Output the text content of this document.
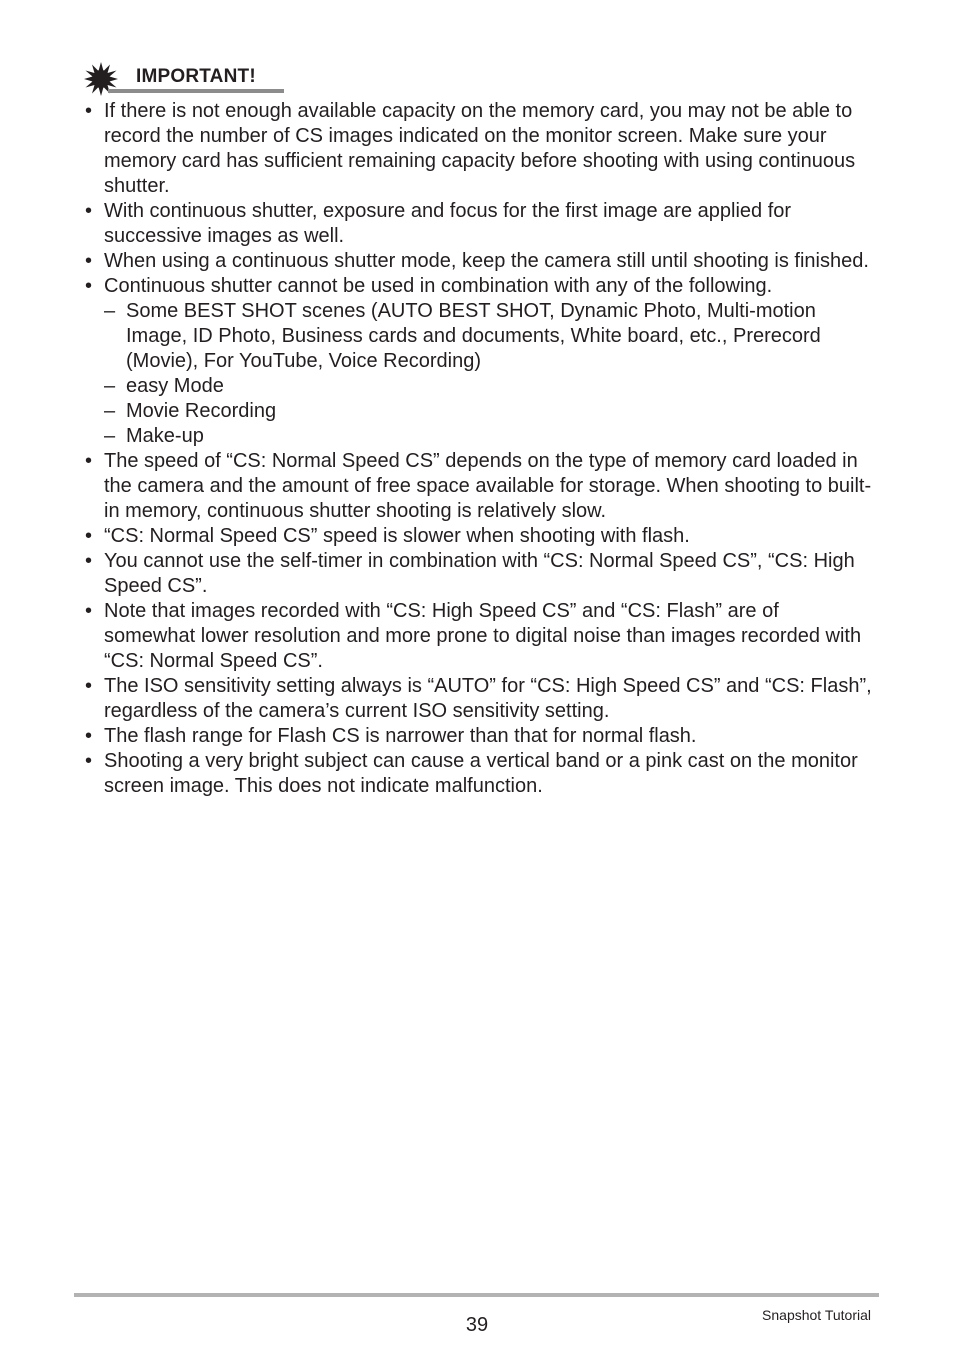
IMPORTANT!
• If there is not enough available capacity on the memory card, you may not be able to record the number of CS images indicated on the monitor screen. Make sure your memory card has sufficient remaining capacity before shooting with using continuous shutter.
• With continuous shutter, exposure and focus for the first image are applied for successive images as well.
• When using a continuous shutter mode, keep the camera still until shooting is finished.
• Continuous shutter cannot be used in combination with any of the following.
– Some BEST SHOT scenes (AUTO BEST SHOT, Dynamic Photo, Multi-motion Image, ID Photo, Business cards and documents, White board, etc., Prerecord (Movie), For YouTube, Voice Recording)
– easy Mode
– Movie Recording
– Make-up
• The speed of “CS: Normal Speed CS” depends on the type of memory card loaded in the camera and the amount of free space available for storage. When shooting to built-in memory, continuous shutter shooting is relatively slow.
• “CS: Normal Speed CS” speed is slower when shooting with flash.
• You cannot use the self-timer in combination with “CS: Normal Speed CS”, “CS: High Speed CS”.
• Note that images recorded with “CS: High Speed CS” and “CS: Flash” are of somewhat lower resolution and more prone to digital noise than images recorded with “CS: Normal Speed CS”.
• The ISO sensitivity setting always is “AUTO” for “CS: High Speed CS” and “CS: Flash”, regardless of the camera’s current ISO sensitivity setting.
• The flash range for Flash CS is narrower than that for normal flash.
• Shooting a very bright subject can cause a vertical band or a pink cast on the monitor screen image. This does not indicate malfunction.
39	Snapshot Tutorial
